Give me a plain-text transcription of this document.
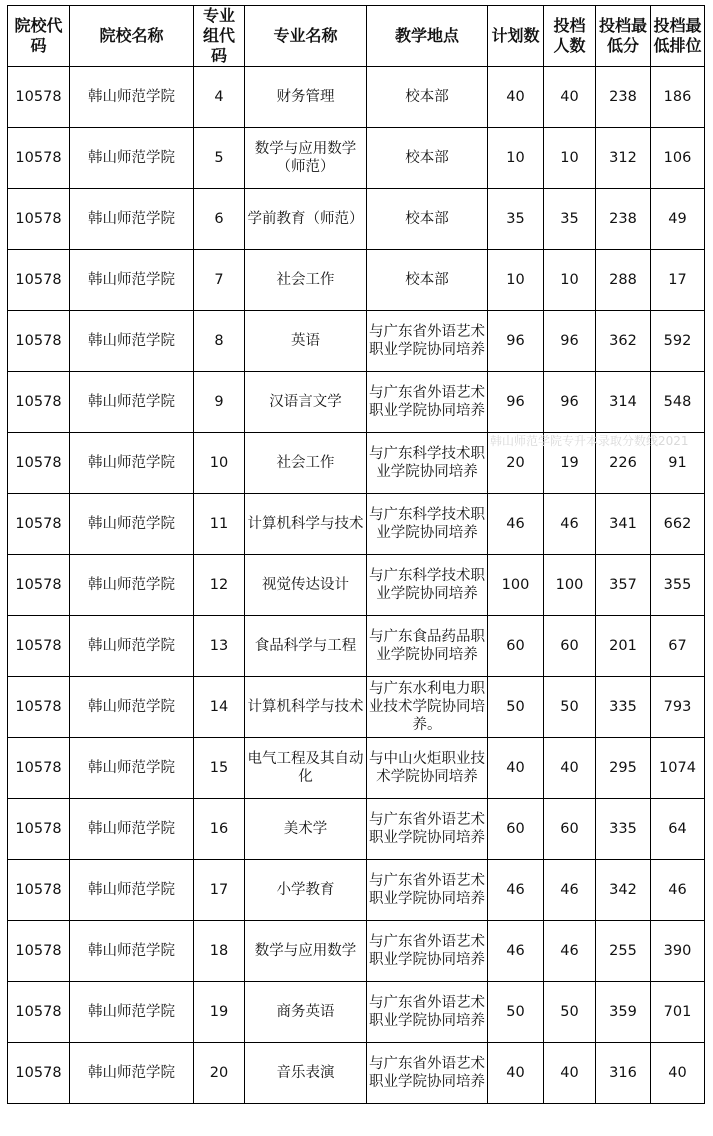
院校代码	院校名称	专业组代码	专业名称	教学地点	计划数	投档人数	投档最低分	投档最低排位
10578	韩山师范学院	4	财务管理	校本部	40	40	238	186
10578	韩山师范学院	5	数学与应用数学（师范）	校本部	10	10	312	106
10578	韩山师范学院	6	学前教育（师范）	校本部	35	35	238	49
10578	韩山师范学院	7	社会工作	校本部	10	10	288	17
10578	韩山师范学院	8	英语	与广东省外语艺术职业学院协同培养	96	96	362	592
10578	韩山师范学院	9	汉语言文学	与广东省外语艺术职业学院协同培养	96	96	314	548
10578	韩山师范学院	10	社会工作	与广东科学技术职业学院协同培养	20	19	226	91
10578	韩山师范学院	11	计算机科学与技术	与广东科学技术职业学院协同培养	46	46	341	662
10578	韩山师范学院	12	视觉传达设计	与广东科学技术职业学院协同培养	100	100	357	355
10578	韩山师范学院	13	食品科学与工程	与广东食品药品职业学院协同培养	60	60	201	67
10578	韩山师范学院	14	计算机科学与技术	与广东水利电力职业技术学院协同培养。	50	50	335	793
10578	韩山师范学院	15	电气工程及其自动化	与中山火炬职业技术学院协同培养	40	40	295	1074
10578	韩山师范学院	16	美术学	与广东省外语艺术职业学院协同培养	60	60	335	64
10578	韩山师范学院	17	小学教育	与广东省外语艺术职业学院协同培养	46	46	342	46
10578	韩山师范学院	18	数学与应用数学	与广东省外语艺术职业学院协同培养	46	46	255	390
10578	韩山师范学院	19	商务英语	与广东省外语艺术职业学院协同培养	50	50	359	701
10578	韩山师范学院	20	音乐表演	与广东省外语艺术职业学院协同培养	40	40	316	40
韩山师范学院专升本录取分数线2021
